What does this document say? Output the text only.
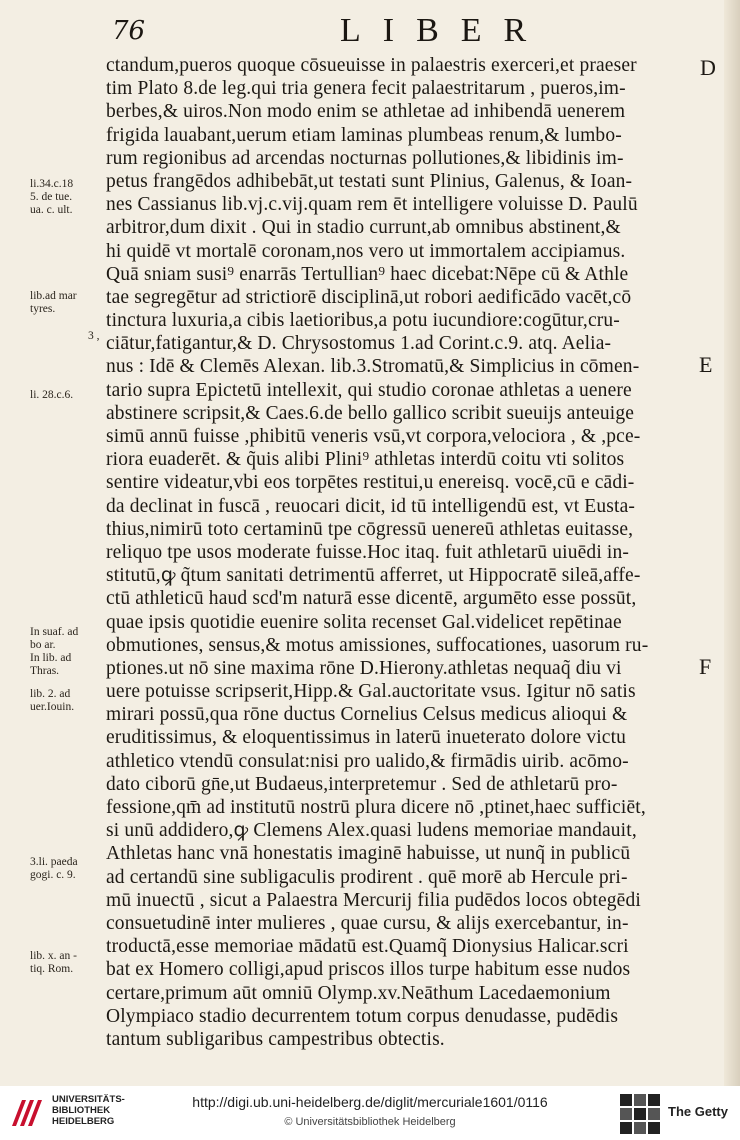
76	LIBER
ctandum,pueros quoque cōsueuisse in palaestris exerceri,et praeser
tim Plato 8.de leg.qui tria genera fecit palaestritarum , pueros,im-
berbes,& uiros.Non modo enim se athletae ad inhibendā uenerem
frigida lauabant,uerum etiam laminas plumbeas renum,& lumbo-
rum regionibus ad arcendas nocturnas pollutiones,& libidinis im-
petus frangēdos adhibebāt,ut testati sunt Plinius, Galenus, & Ioan-
nes Cassianus lib.vj.c.vij.quam rem ēt intelligere voluisse D. Paulū
arbitror,dum dixit . Qui in stadio currunt,ab omnibus abstinent,&
hi quidē vt mortalē coronam,nos vero ut immortalem accipiamus.
Quā sniam susi⁹ enarrās Tertullian⁹ haec dicebat:Nēpe cū & Athle
tae segregētur ad strictiorē disciplinā,ut robori aedificādo vacēt,cō
tinctura luxuria,a cibis laetioribus,a potu iucundiore:cogūtur,cru-
ciātur,fatigantur,& D. Chrysostomus 1.ad Corint.c.9. atq. Aelia-
nus : Idē & Clemēs Alexan. lib.3.Stromatū,& Simplicius in cōmen-
tario supra Epictetū intellexit, qui studio coronae athletas a uenere
abstinere scripsit,& Caes.6.de bello gallico scribit sueuijs anteuige
simū annū fuisse ,phibitū veneris vsū,vt corpora,velociora , & ,pce-
riora euaderēt. & q̃uis alibi Plini⁹ athletas interdū coitu vti solitos
sentire videatur,vbi eos torpētes restitui,u enereisq. vocē,cū e cādi-
da declinat in fuscā , reuocari dicit, id tū intelligendū est, vt Eusta-
thius,nimirū toto certaminū tpe cōgressū uenereū athletas euitasse,
reliquo tpe usos moderate fuisse.Hoc itaq. fuit athletarū uiuēdi in-
stitutū,ꝙ q̃tum sanitati detrimentū afferret, ut Hippocratē sileā,affe-
ctū athleticū haud scd'm naturā esse dicentē, argumēto esse possūt,
quae ipsis quotidie euenire solita recenset Gal.videlicet repētinae
obmutiones, sensus,& motus amissiones, suffocationes, uasorum ru-
ptiones.ut nō sine maxima rōne D.Hierony.athletas nequaq̃ diu vi
uere potuisse scripserit,Hipp.& Gal.auctoritate vsus. Igitur nō satis
mirari possū,qua rōne ductus Cornelius Celsus medicus alioqui &
eruditissimus, & eloquentissimus in laterū inueterato dolore victu
athletico vtendū consulat:nisi pro ualido,& firmādis uirib. acōmo-
dato ciborū gn̄e,ut Budaeus,interpretemur . Sed de athletarū pro-
fessione,qm̄ ad institutū nostrū plura dicere nō ,ptinet,haec sufficiēt,
si unū addidero,ꝙ Clemens Alex.quasi ludens memoriae mandauit,
Athletas hanc vnā honestatis imaginē habuisse, ut nunq̃ in publicū
ad certandū sine subligaculis prodirent . quē morē ab Hercule pri-
mū inuectū , sicut a Palaestra Mercurij filia pudēdos locos obtegēdi
consuetudinē inter mulieres , quae cursu, & alijs exercebantur, in-
troductā,esse memoriae mādatū est.Quamq̃ Dionysius Halicar.scri
bat ex Homero colligi,apud priscos illos turpe habitum esse nudos
certare,primum aūt omniū Olymp.xv.Neāthum Lacedaemonium
Olympiaco stadio decurrentem totum corpus denudasse, pudēdis
tantum subligaribus campestribus obtectis.
li.34.c.18
5. de tue.
ua. c. ult.
lib.ad mar
tyres.
3 ,
li. 28.c.6.
In suaf. ad
bo ar.
In lib. ad
Thras.
lib. 2. ad
uer.Iouin.
3.li. paeda
gogi. c. 9.
lib. x. an -
tiq. Rom.
D
E
F
UNIVERSITÄTS-
BIBLIOTHEK
HEIDELBERG
http://digi.ub.uni-heidelberg.de/diglit/mercuriale1601/0116
© Universitätsbibliothek Heidelberg
The Getty
